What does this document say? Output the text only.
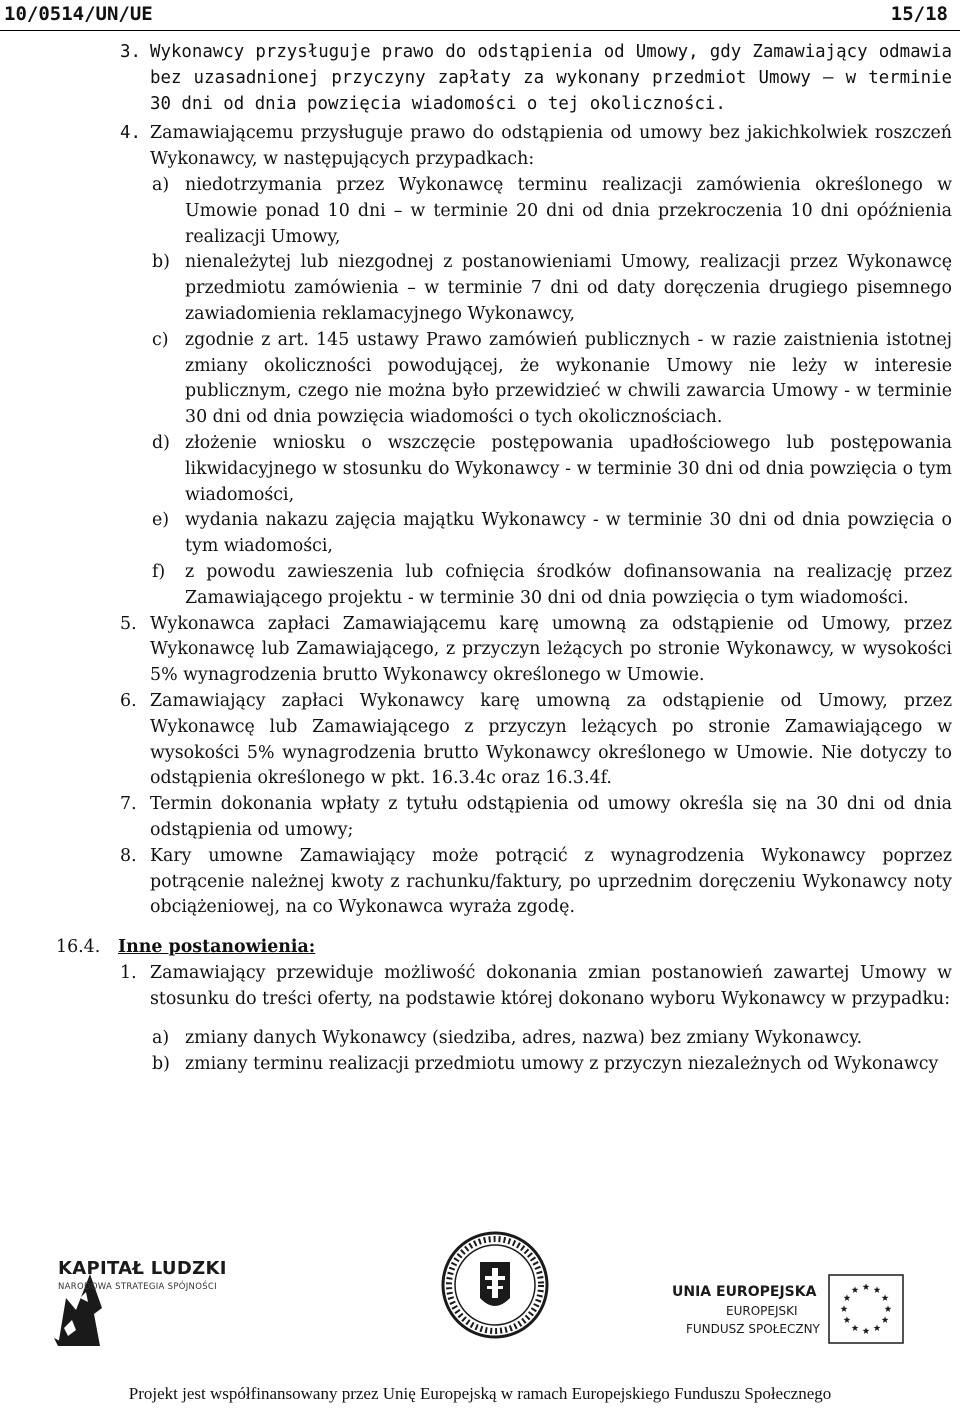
10/0514/UN/UE	15/18
3. Wykonawcy przysługuje prawo do odstąpienia od Umowy, gdy Zamawiający odmawia bez uzasadnionej przyczyny zapłaty za wykonany przedmiot Umowy – w terminie 30 dni od dnia powzięcia wiadomości o tej okoliczności.
4. Zamawiającemu przysługuje prawo do odstąpienia od umowy bez jakichkolwiek roszczeń Wykonawcy, w następujących przypadkach:
a) niedotrzymania przez Wykonawcę terminu realizacji zamówienia określonego w Umowie ponad 10 dni – w terminie 20 dni od dnia przekroczenia 10 dni opóźnienia realizacji Umowy,
b) nienależytej lub niezgodnej z postanowieniami Umowy, realizacji przez Wykonawcę przedmiotu zamówienia – w terminie 7 dni od daty doręczenia drugiego pisemnego zawiadomienia reklamacyjnego Wykonawcy,
c) zgodnie z art. 145 ustawy Prawo zamówień publicznych - w razie zaistnienia istotnej zmiany okoliczności powodującej, że wykonanie Umowy nie leży w interesie publicznym, czego nie można było przewidzieć w chwili zawarcia Umowy - w terminie 30 dni od dnia powzięcia wiadomości o tych okolicznościach.
d) złożenie wniosku o wszczęcie postępowania upadłościowego lub postępowania likwidacyjnego w stosunku do Wykonawcy - w terminie 30 dni od dnia powzięcia o tym wiadomości,
e) wydania nakazu zajęcia majątku Wykonawcy - w terminie 30 dni od dnia powzięcia o tym wiadomości,
f) z powodu zawieszenia lub cofnięcia środków dofinansowania na realizację przez Zamawiającego projektu - w terminie 30 dni od dnia powzięcia o tym wiadomości.
5. Wykonawca zapłaci Zamawiającemu karę umowną za odstąpienie od Umowy, przez Wykonawcę lub Zamawiającego, z przyczyn leżących po stronie Wykonawcy, w wysokości 5% wynagrodzenia brutto Wykonawcy określonego w Umowie.
6. Zamawiający zapłaci Wykonawcy karę umowną za odstąpienie od Umowy, przez Wykonawcę lub Zamawiającego z przyczyn leżących po stronie Zamawiającego w wysokości 5% wynagrodzenia brutto Wykonawcy określonego w Umowie. Nie dotyczy to odstąpienia określonego w pkt. 16.3.4c oraz 16.3.4f.
7. Termin dokonania wpłaty z tytułu odstąpienia od umowy określa się na 30 dni od dnia odstąpienia od umowy;
8. Kary umowne Zamawiający może potrącić z wynagrodzenia Wykonawcy poprzez potrącenie należnej kwoty z rachunku/faktury, po uprzednim doręczeniu Wykonawcy noty obciążeniowej, na co Wykonawca wyraża zgodę.
16.4. Inne postanowienia:
1. Zamawiający przewiduje możliwość dokonania zmian postanowień zawartej Umowy w stosunku do treści oferty, na podstawie której dokonano wyboru Wykonawcy w przypadku:
a) zmiany danych Wykonawcy (siedziba, adres, nazwa) bez zmiany Wykonawcy.
b) zmiany terminu realizacji przedmiotu umowy z przyczyn niezależnych od Wykonawcy
KAPITAŁ LUDZKI
NARODOWA STRATEGIA SPÓJNOŚCI	UNIA EUROPEJSKA
EUROPEJSKI
FUNDUSZ SPOŁECZNY
Projekt jest współfinansowany przez Unię Europejską w ramach Europejskiego Funduszu Społecznego
